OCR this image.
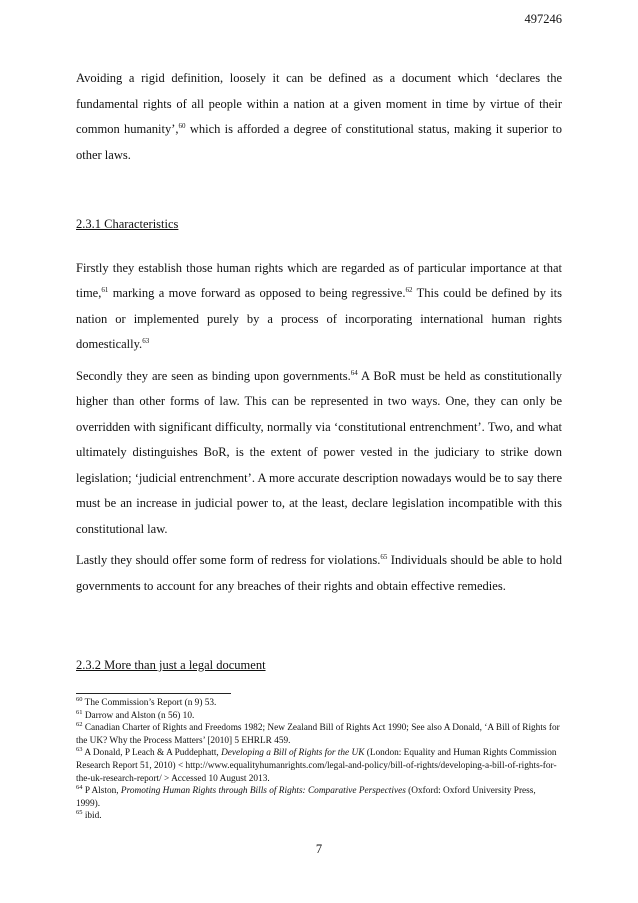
497246

Avoiding a rigid definition, loosely it can be defined as a document which ‘declares the fundamental rights of all people within a nation at a given moment in time by virtue of their common humanity’,$^{60}$ which is afforded a degree of constitutional status, making it superior to other laws.

2.3.1 Characteristics

Firstly they establish those human rights which are regarded as of particular importance at that time,$^{61}$ marking a move forward as opposed to being regressive.$^{62}$ This could be defined by its nation or implemented purely by a process of incorporating international human rights domestically.$^{63}$

Secondly they are seen as binding upon governments.$^{64}$ A BoR must be held as constitutionally higher than other forms of law. This can be represented in two ways. One, they can only be overridden with significant difficulty, normally via ‘constitutional entrenchment’. Two, and what ultimately distinguishes BoR, is the extent of power vested in the judiciary to strike down legislation; ‘judicial entrenchment’. A more accurate description nowadays would be to say there must be an increase in judicial power to, at the least, declare legislation incompatible with this constitutional law.

Lastly they should offer some form of redress for violations.$^{65}$ Individuals should be able to hold governments to account for any breaches of their rights and obtain effective remedies.

2.3.2 More than just a legal document

$^{60}$ The Commission’s Report (n 9) 53.

$^{61}$ Darrow and Alston (n 56) 10.

$^{62}$ Canadian Charter of Rights and Freedoms 1982; New Zealand Bill of Rights Act 1990; See also A Donald, ‘A Bill of Rights for the UK? Why the Process Matters’ [2010] 5 EHRLR 459.

$^{63}$ A Donald, P Leach & A Puddephatt, Developing a Bill of Rights for the UK (London: Equality and Human Rights Commission Research Report 51, 2010) < http://www.equalityhumanrights.com/legal-and-policy/bill-of-rights/developing-a-bill-of-rights-for-the-uk-research-report/ > Accessed 10 August 2013.

$^{64}$ P Alston, Promoting Human Rights through Bills of Rights: Comparative Perspectives (Oxford: Oxford University Press, 1999).

$^{65}$ ibid.

7
